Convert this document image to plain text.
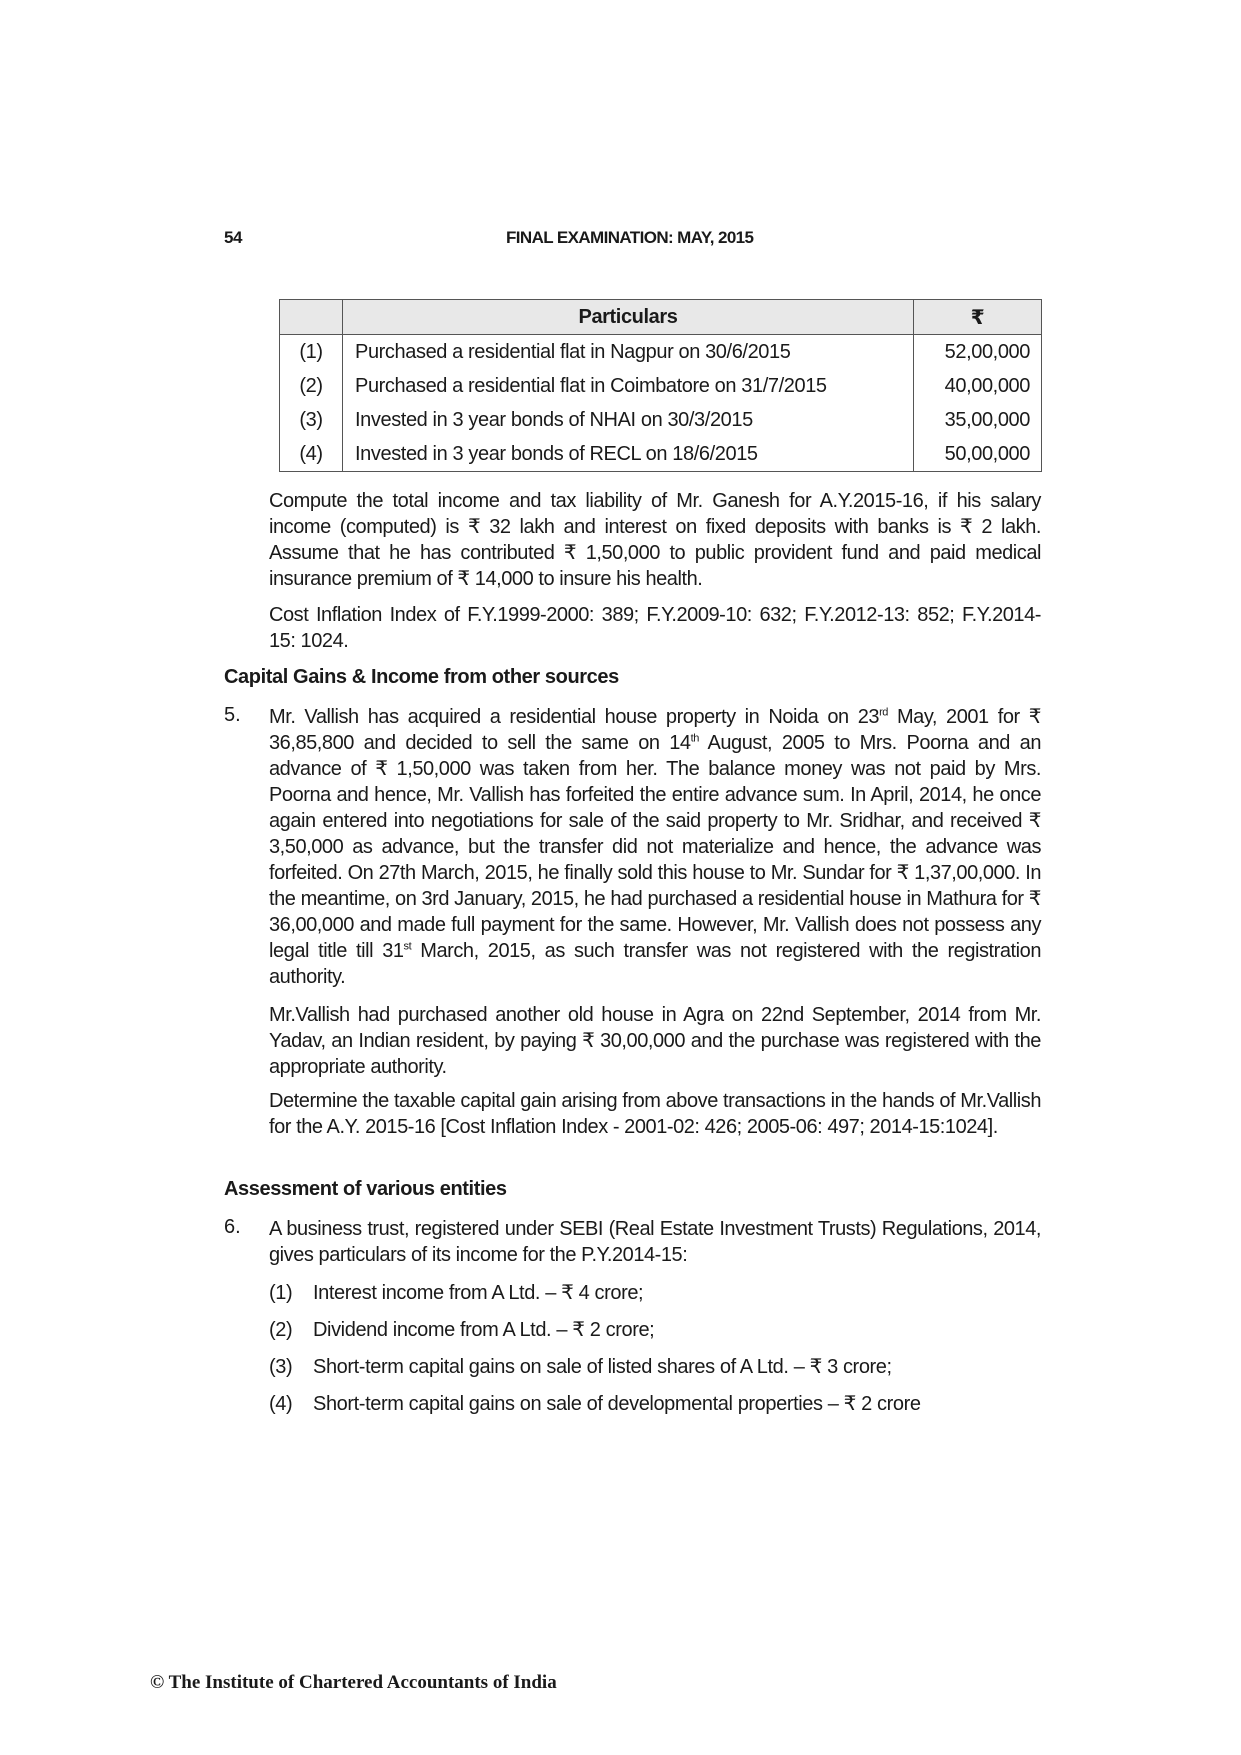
54	FINAL EXAMINATION: MAY, 2015
	Particulars	₹
(1)	Purchased a residential flat in Nagpur on 30/6/2015	52,00,000
(2)	Purchased a residential flat in Coimbatore on 31/7/2015	40,00,000
(3)	Invested in 3 year bonds of NHAI on 30/3/2015	35,00,000
(4)	Invested in 3 year bonds of RECL on 18/6/2015	50,00,000
Compute the total income and tax liability of Mr. Ganesh for A.Y.2015-16, if his salary income (computed) is ₹ 32 lakh and interest on fixed deposits with banks is ₹ 2 lakh. Assume that he has contributed ₹ 1,50,000 to public provident fund and paid medical insurance premium of ₹ 14,000 to insure his health.
Cost Inflation Index of F.Y.1999-2000: 389; F.Y.2009-10: 632; F.Y.2012-13: 852; F.Y.2014-15: 1024.
Capital Gains & Income from other sources
5. Mr. Vallish has acquired a residential house property in Noida on 23rd May, 2001 for ₹ 36,85,800 and decided to sell the same on 14th August, 2005 to Mrs. Poorna and an advance of ₹ 1,50,000 was taken from her. The balance money was not paid by Mrs. Poorna and hence, Mr. Vallish has forfeited the entire advance sum. In April, 2014, he once again entered into negotiations for sale of the said property to Mr. Sridhar, and received ₹ 3,50,000 as advance, but the transfer did not materialize and hence, the advance was forfeited. On 27th March, 2015, he finally sold this house to Mr. Sundar for ₹ 1,37,00,000. In the meantime, on 3rd January, 2015, he had purchased a residential house in Mathura for ₹ 36,00,000 and made full payment for the same. However, Mr. Vallish does not possess any legal title till 31st March, 2015, as such transfer was not registered with the registration authority.
Mr.Vallish had purchased another old house in Agra on 22nd September, 2014 from Mr. Yadav, an Indian resident, by paying ₹ 30,00,000 and the purchase was registered with the appropriate authority.
Determine the taxable capital gain arising from above transactions in the hands of Mr.Vallish for the A.Y. 2015-16 [Cost Inflation Index - 2001-02: 426; 2005-06: 497; 2014-15:1024].
Assessment of various entities
6. A business trust, registered under SEBI (Real Estate Investment Trusts) Regulations, 2014, gives particulars of its income for the P.Y.2014-15:
(1) Interest income from A Ltd. – ₹ 4 crore;
(2) Dividend income from A Ltd. – ₹ 2 crore;
(3) Short-term capital gains on sale of listed shares of A Ltd. – ₹ 3 crore;
(4) Short-term capital gains on sale of developmental properties – ₹ 2 crore
© The Institute of Chartered Accountants of India
